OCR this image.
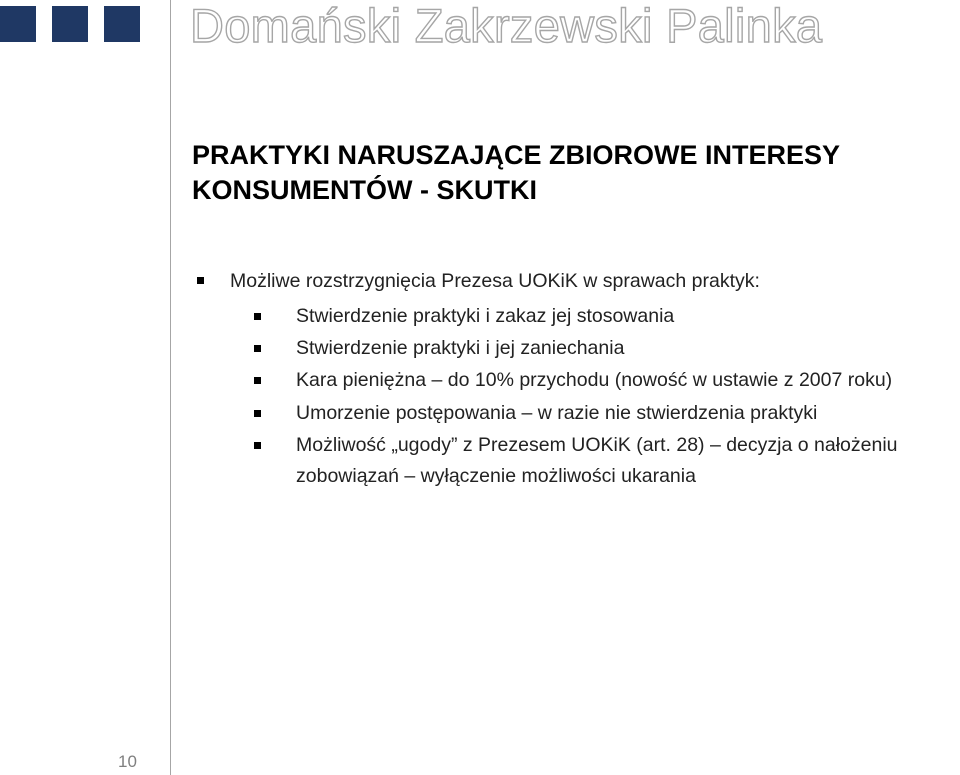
Domański Zakrzewski Palinka
PRAKTYKI NARUSZAJĄCE ZBIOROWE INTERESY
KONSUMENTÓW - SKUTKI
Możliwe rozstrzygnięcia Prezesa UOKiK w sprawach praktyk:
Stwierdzenie praktyki i zakaz jej stosowania
Stwierdzenie praktyki i jej zaniechania
Kara pieniężna – do 10% przychodu (nowość w ustawie z 2007 roku)
Umorzenie postępowania – w razie nie stwierdzenia praktyki
Możliwość „ugody” z Prezesem UOKiK (art. 28) – decyzja o nałożeniu zobowiązań – wyłączenie możliwości ukarania
10
